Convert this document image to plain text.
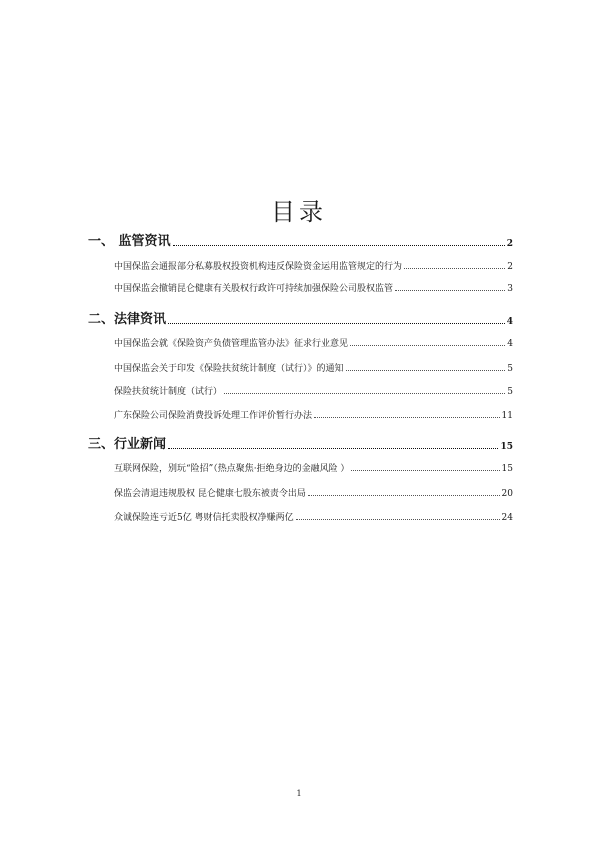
目录
一、 监管资讯	2
中国保监会通报部分私募股权投资机构违反保险资金运用监管规定的行为	2
中国保监会撤销昆仑健康有关股权行政许可持续加强保险公司股权监管	3
二、法律资讯	4
中国保监会就《保险资产负债管理监管办法》征求行业意见	4
中国保监会关于印发《保险扶贫统计制度（试行）》的通知	5
保险扶贫统计制度（试行）	5
广东保险公司保险消费投诉处理工作评价暂行办法	11
三、行业新闻	15
互联网保险，别玩“险招”（热点聚焦·拒绝身边的金融风险 ）	15
保监会清退违规股权 昆仑健康七股东被责令出局	20
众诚保险连亏近5亿 粤财信托卖股权净赚两亿	24
1
